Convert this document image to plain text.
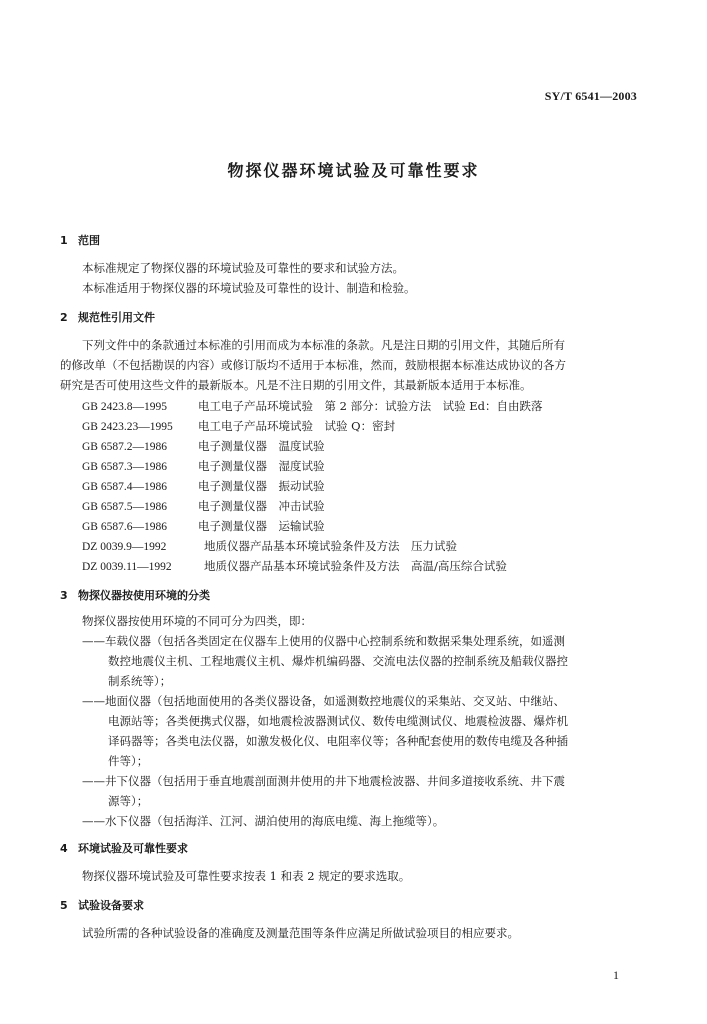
SY/T 6541—2003
物探仪器环境试验及可靠性要求
1 范围
本标准规定了物探仪器的环境试验及可靠性的要求和试验方法。
本标准适用于物探仪器的环境试验及可靠性的设计、制造和检验。
2 规范性引用文件
下列文件中的条款通过本标准的引用而成为本标准的条款。凡是注日期的引用文件，其随后所有
的修改单（不包括勘误的内容）或修订版均不适用于本标准，然而，鼓励根据本标准达成协议的各方
研究是否可使用这些文件的最新版本。凡是不注日期的引用文件，其最新版本适用于本标准。
GB 2423.8—1995	电工电子产品环境试验　第 2 部分：试验方法　试验 Ed：自由跌落
GB 2423.23—1995 电工电子产品环境试验　试验 Q：密封
GB 6587.2—1986	电子测量仪器　温度试验
GB 6587.3—1986	电子测量仪器　湿度试验
GB 6587.4—1986	电子测量仪器　振动试验
GB 6587.5—1986	电子测量仪器　冲击试验
GB 6587.6—1986	电子测量仪器　运输试验
DZ 0039.9—1992	地质仪器产品基本环境试验条件及方法　压力试验
DZ 0039.11—1992	地质仪器产品基本环境试验条件及方法　高温/高压综合试验
3 物探仪器按使用环境的分类
物探仪器按使用环境的不同可分为四类，即：
——车载仪器（包括各类固定在仪器车上使用的仪器中心控制系统和数据采集处理系统，如遥测
数控地震仪主机、工程地震仪主机、爆炸机编码器、交流电法仪器的控制系统及船载仪器控
制系统等）；
——地面仪器（包括地面使用的各类仪器设备，如遥测数控地震仪的采集站、交叉站、中继站、
电源站等；各类便携式仪器，如地震检波器测试仪、数传电缆测试仪、地震检波器、爆炸机
译码器等；各类电法仪器，如激发极化仪、电阻率仪等；各种配套使用的数传电缆及各种插
件等）；
——井下仪器（包括用于垂直地震剖面测井使用的井下地震检波器、井间多道接收系统、井下震
源等）；
——水下仪器（包括海洋、江河、湖泊使用的海底电缆、海上拖缆等）。
4 环境试验及可靠性要求
物探仪器环境试验及可靠性要求按表 1 和表 2 规定的要求选取。
5 试验设备要求
试验所需的各种试验设备的准确度及测量范围等条件应满足所做试验项目的相应要求。
1
